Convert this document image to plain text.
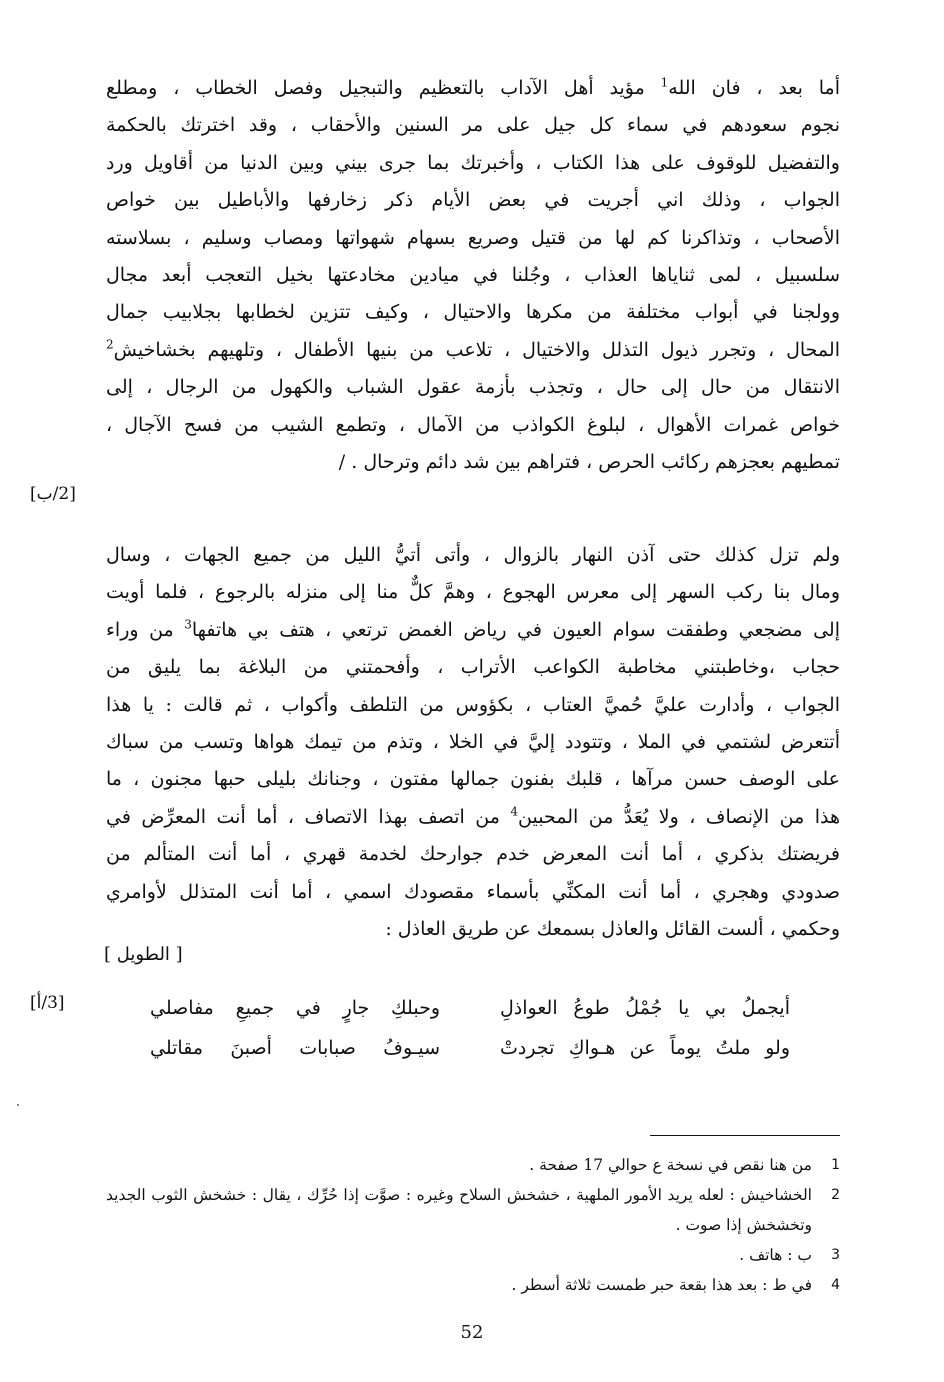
أما بعد ، فان الله$^1$ مؤيد أهل الآداب بالتعظيم والتبجيل وفصل الخطاب ، ومطلع
نجوم سعودهم في سماء كل جيل على مر السنين والأحقاب ، وقد اخترتك بالحكمة
والتفضيل للوقوف على هذا الكتاب ، وأخبرتك بما جرى بيني وبين الدنيا من أقاويل ورد
الجواب ، وذلك اني أجريت في بعض الأيام ذكر زخارفها والأباطيل بين خواص
الأصحاب ، وتذاكرنا كم لها من قتيل وصريع بسهام شهواتها ومصاب وسليم ، بسلاسته
سلسبيل ، لمى ثناياها العذاب ، وجُلنا في ميادين مخادعتها بخيل التعجب أبعد مجال
وولجنا في أبواب مختلفة من مكرها والاحتيال ، وكيف تتزين لخطابها بجلابيب جمال
المحال ، وتجرر ذيول التذلل والاختيال ، تلاعب من بنيها الأطفال ، وتلهيهم بخشاخيش$^2$
الانتقال من حال إلى حال ، وتجذب بأزمة عقول الشباب والكهول من الرجال ، إلى
خواص غمرات الأهوال ، لبلوغ الكواذب من الآمال ، وتطمع الشيب من فسح الآجال ،
تمطيهم بعجزهم ركائب الحرص ، فتراهم بين شد دائم وترحال . /
[2/ب]
ولم تزل كذلك حتى آذن النهار بالزوال ، وأتى أتيُّ الليل من جميع الجهات ، وسال
ومال بنا ركب السهر إلى معرس الهجوع ، وهمَّ كلٌّ منا إلى منزله بالرجوع ، فلما أويت
إلى مضجعي وطفقت سوام العيون في رياض الغمض ترتعي ، هتف بي هاتفها$^3$ من وراء
حجاب ،وخاطبتني مخاطبة الكواعب الأتراب ، وأفحمتني من البلاغة بما يليق من
الجواب ، وأدارت عليَّ حُميَّ العتاب ، بكؤوس من التلطف وأكواب ، ثم قالت : يا هذا
أتتعرض لشتمي في الملا ، وتتودد إليَّ في الخلا ، وتذم من تيمك هواها وتسب من سباك
على الوصف حسن مرآها ، قلبك بفنون جمالها مفتون ، وجنانك بليلى حبها مجنون ، ما
هذا من الإنصاف ، ولا يُعَدُّ من المحبين$^4$ من اتصف بهذا الاتصاف ، أما أنت المعرِّض في
فريضتك بذكري ، أما أنت المعرض خدم جوارحك لخدمة قهري ، أما أنت المتألم من
صدودي وهجري ، أما أنت المكنِّي بأسماء مقصودك اسمي ، أما أنت المتذلل لأوامري
وحكمي ، ألست القائل والعاذل بسمعك عن طريق العاذل :
[ الطويل ]
[3/أ]	أيجملُ بي يا جُمْلُ طوعُ العواذلِ
وحبلكِ جارٍ في جميعِ مفاصلي
ولو ملتُ يوماً عن هـواكِ تجردتْ
سيـوفُ صبابات أصبنَ مقاتلي
1
من هنا نقص في نسخة ع حوالي 17 صفحة .
2
الخشاخيش : لعله يريد الأمور الملهية ، خشخش السلاح وغيره : صوَّت إذا حُرِّك ، يقال : خشخش الثوب الجديد وتخشخش إذا صوت .
3
ب : هاتف .
4
في ط : بعد هذا بقعة حبر طمست ثلاثة أسطر .
52
